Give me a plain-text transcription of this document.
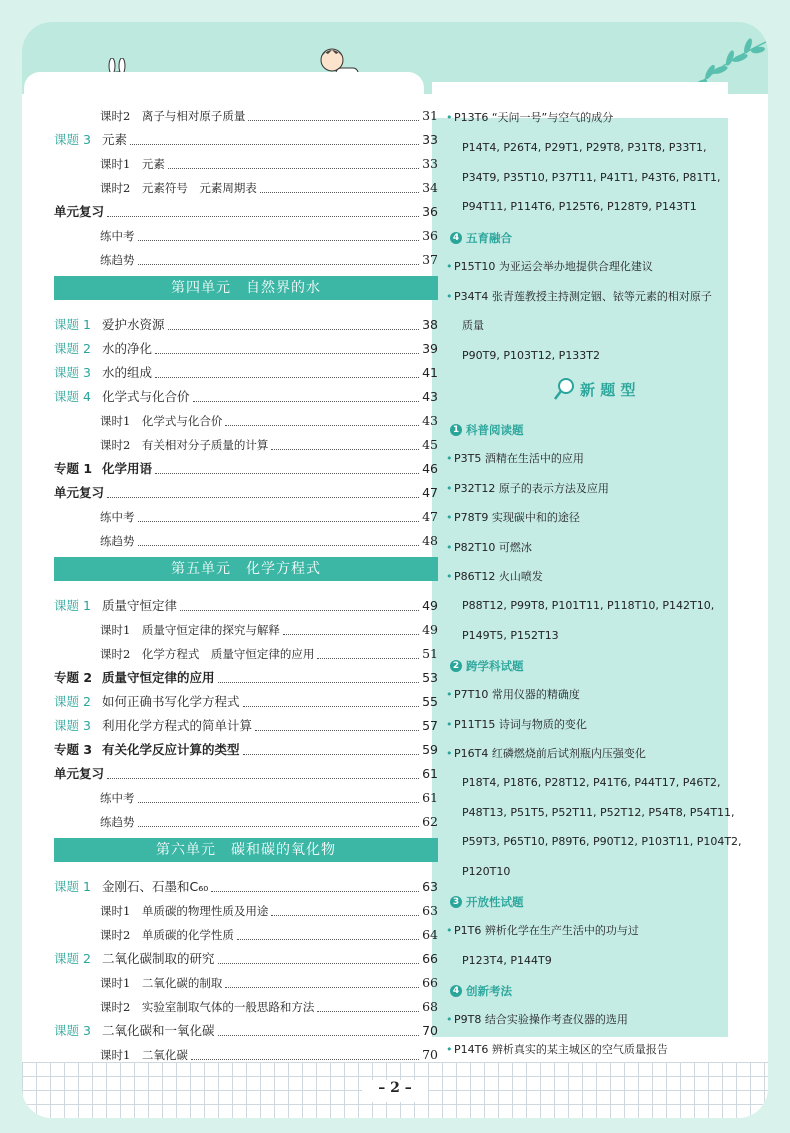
课时2　离子与相对原子质量	31
课题 3 元素	33
课时1　元素	33
课时2　元素符号　元素周期表	34
单元复习	36
练中考	36
练趋势	37
第四单元　自然界的水
课题 1 爱护水资源	38
课题 2 水的净化	39
课题 3 水的组成	41
课题 4 化学式与化合价	43
课时1　化学式与化合价	43
课时2　有关相对分子质量的计算	45
专题 1 化学用语	46
单元复习	47
练中考	47
练趋势	48
第五单元　化学方程式
课题 1 质量守恒定律	49
课时1　质量守恒定律的探究与解释	49
课时2　化学方程式　质量守恒定律的应用	51
专题 2 质量守恒定律的应用	53
课题 2 如何正确书写化学方程式	55
课题 3 利用化学方程式的简单计算	57
专题 3 有关化学反应计算的类型	59
单元复习	61
练中考	61
练趋势	62
第六单元　碳和碳的氧化物
课题 1 金刚石、石墨和C₆₀	63
课时1　单质碳的物理性质及用途	63
课时2　单质碳的化学性质	64
课题 2 二氧化碳制取的研究	66
课时1　二氧化碳的制取	66
课时2　实验室制取气体的一般思路和方法	68
课题 3 二氧化碳和一氧化碳	70
课时1　二氧化碳	70
• P13T6 “天问一号”与空气的成分
P14T4, P26T4, P29T1, P29T8, P31T8, P33T1,
P34T9, P35T10, P37T11, P41T1, P43T6, P81T1,
P94T11, P114T6, P125T6, P128T9, P143T1
4 五育融合
• P15T10 为亚运会举办地提供合理化建议
• P34T4 张青莲教授主持测定铟、铱等元素的相对原子
质量
P90T9, P103T12, P133T2
新 题 型
1 科普阅读题
• P3T5 酒精在生活中的应用
• P32T12 原子的表示方法及应用
• P78T9 实现碳中和的途径
• P82T10 可燃冰
• P86T12 火山喷发
P88T12, P99T8, P101T11, P118T10, P142T10,
P149T5, P152T13
2 跨学科试题
• P7T10 常用仪器的精确度
• P11T15 诗词与物质的变化
• P16T4 红磷燃烧前后试剂瓶内压强变化
P18T4, P18T6, P28T12, P41T6, P44T17, P46T2,
P48T13, P51T5, P52T11, P52T12, P54T8, P54T11,
P59T3, P65T10, P89T6, P90T12, P103T11, P104T2,
P120T10
3 开放性试题
• P1T6 辨析化学在生产生活中的功与过
P123T4, P144T9
4 创新考法
• P9T8 结合实验操作考查仪器的选用
• P14T6 辨析真实的某主城区的空气质量报告
– 2 –
